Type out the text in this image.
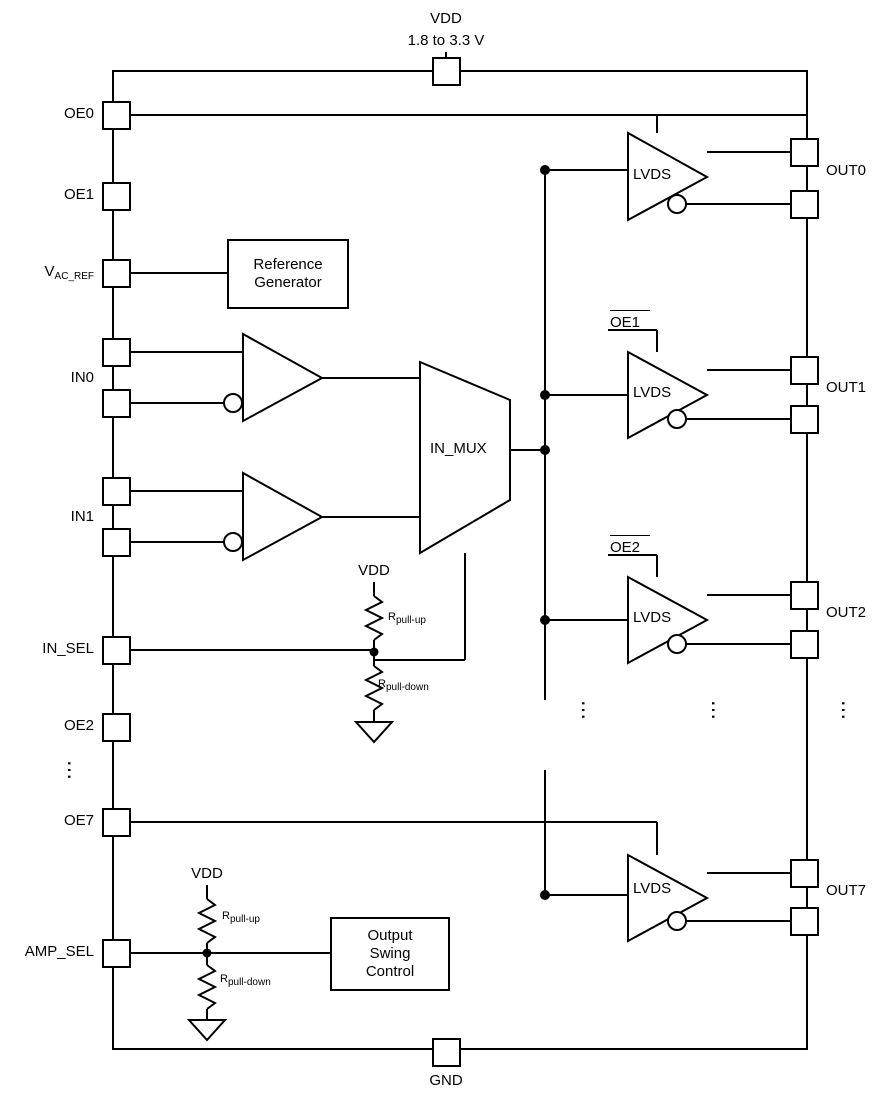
Reference
Generator
Output
Swing
Control
VDD
1.8 to 3.3 V
GND
OE0
OE1
$V_{AC\_REF}$
IN0
IN1
IN_SEL
OE2
OE7
AMP_SEL
OUT0
OUT1
OUT2
OUT7
IN_MUX
LVDS
LVDS
LVDS
LVDS
OE1
OE2
VDD
Rpull-up
Rpull-down
VDD
Rpull-up
Rpull-down
⋯
⋯	⋯	⋯
